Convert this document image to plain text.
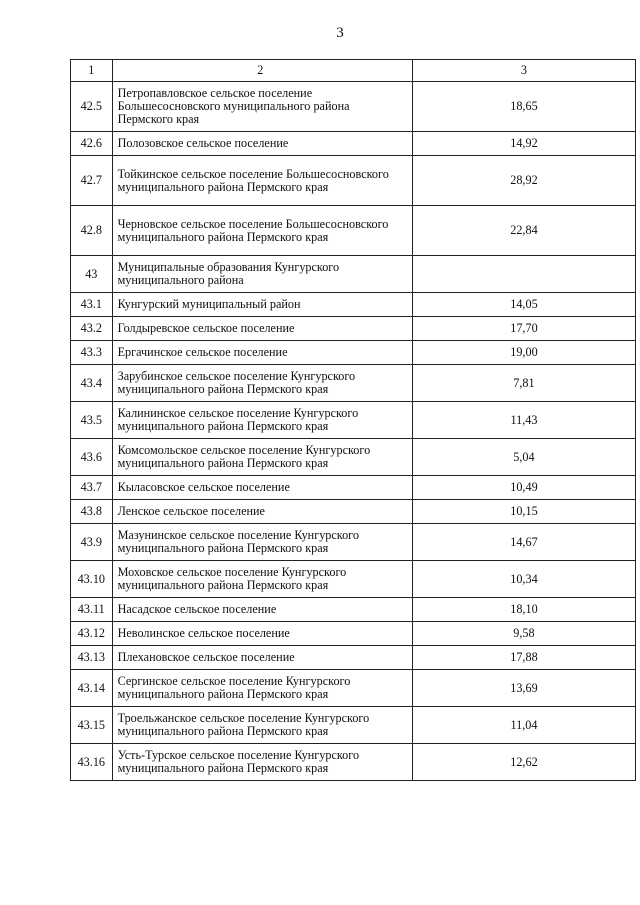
3
1	2	3
42.5	Петропавловское сельское поселение Большесосновского муниципального района Пермского края	18,65
42.6	Полозовское сельское поселение	14,92
42.7	Тойкинское сельское поселение Большесосновского муниципального района Пермского края	28,92
42.8	Черновское сельское поселение Большесосновского муниципального района Пермского края	22,84
43	Муниципальные образования Кунгурского муниципального района	
43.1	Кунгурский муниципальный район	14,05
43.2	Голдыревское сельское поселение	17,70
43.3	Ергачинское сельское поселение	19,00
43.4	Зарубинское сельское поселение Кунгурского муниципального района Пермского края	7,81
43.5	Калининское сельское поселение Кунгурского муниципального района Пермского края	11,43
43.6	Комсомольское сельское поселение Кунгурского муниципального района Пермского края	5,04
43.7	Кыласовское сельское поселение	10,49
43.8	Ленское сельское поселение	10,15
43.9	Мазунинское сельское поселение Кунгурского муниципального района Пермского края	14,67
43.10	Моховское сельское поселение Кунгурского муниципального района Пермского края	10,34
43.11	Насадское сельское поселение	18,10
43.12	Неволинское сельское поселение	9,58
43.13	Плехановское сельское поселение	17,88
43.14	Сергинское сельское поселение Кунгурского муниципального района Пермского края	13,69
43.15	Троельжанское сельское поселение Кунгурского муниципального района Пермского края	11,04
43.16	Усть-Турское сельское поселение Кунгурского муниципального района Пермского края	12,62
